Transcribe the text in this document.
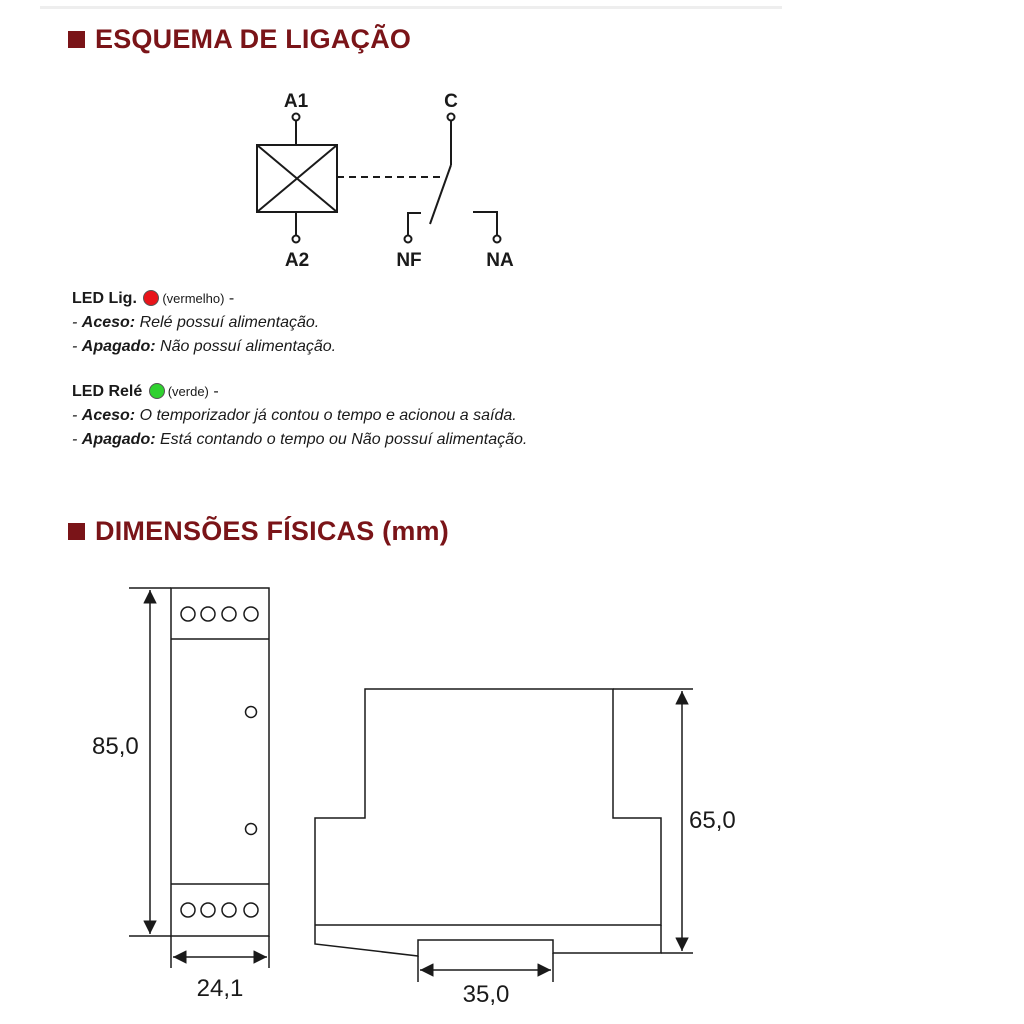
ESQUEMA DE LIGAÇÃO
A1	C
A2	NF	NA
LED Lig. (vermelho) -
- Aceso: Relé possuí alimentação.
- Apagado: Não possuí alimentação.
LED Relé (verde) -
- Aceso: O temporizador já contou o tempo e acionou a saída.
- Apagado: Está contando o tempo ou Não possuí alimentação.
DIMENSÕES FÍSICAS (mm)
85,0
24,1
65,0
35,0
